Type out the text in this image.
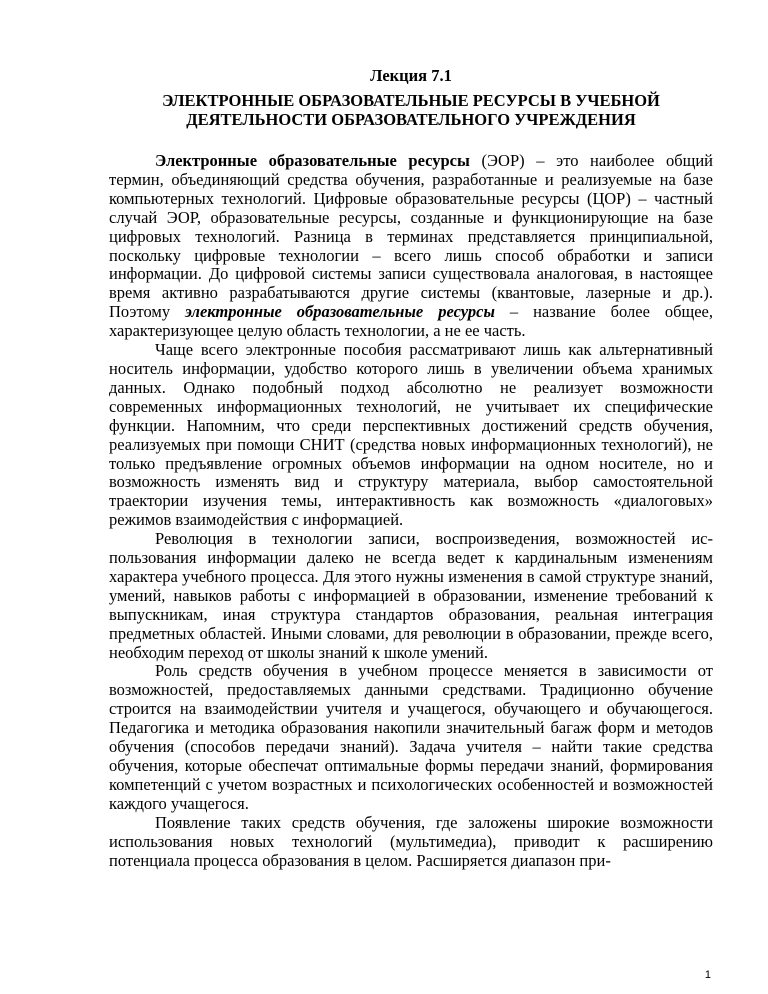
Лекция 7.1
ЭЛЕКТРОННЫЕ ОБРАЗОВАТЕЛЬНЫЕ РЕСУРСЫ В УЧЕБНОЙ
ДЕЯТЕЛЬНОСТИ ОБРАЗОВАТЕЛЬНОГО УЧРЕЖДЕНИЯ

Электронные образовательные ресурсы (ЭОР) – это наиболее общий термин, объединяющий средства обучения, разработанные и реализуемые на базе компьютерных технологий. Цифровые образовательные ресурсы (ЦОР) – частный случай ЭОР, образовательные ресурсы, созданные и функционирующие на базе цифровых технологий. Разница в терминах представляется принципиальной, поскольку цифровые технологии – всего лишь способ обработки и записи информации. До цифровой системы записи существовала аналоговая, в настоящее время активно разрабатываются другие системы (квантовые, лазерные и др.). Поэтому электронные образовательные ресурсы – название более общее, характеризующее целую область технологии, а не ее часть.

Чаще всего электронные пособия рассматривают лишь как альтернативный носитель информации, удобство которого лишь в увеличении объема хранимых данных. Однако подобный подход абсолютно не реализует возможности современных информационных технологий, не учитывает их специфические функции. Напомним, что среди перспективных достижений средств обучения, реализуемых при помощи СНИТ (средства новых информационных технологий), не только предъявление огромных объемов информации на одном носителе, но и возможность изменять вид и структуру материала, выбор самостоятельной траектории изучения темы, интерактивность как возможность «диалоговых» режимов взаимодействия с информацией.

Революция в технологии записи, воспроизведения, возможностей использования информации далеко не всегда ведет к кардинальным изменениям характера учебного процесса. Для этого нужны изменения в самой структуре знаний, умений, навыков работы с информацией в образовании, изменение требований к выпускникам, иная структура стандартов образования, реальная интеграция предметных областей. Иными словами, для революции в образовании, прежде всего, необходим переход от школы знаний к школе умений.

Роль средств обучения в учебном процессе меняется в зависимости от возможностей, предоставляемых данными средствами. Традиционно обучение строится на взаимодействии учителя и учащегося, обучающего и обучающегося. Педагогика и методика образования накопили значительный багаж форм и методов обучения (способов передачи знаний). Задача учителя – найти такие средства обучения, которые обеспечат оптимальные формы передачи знаний, формирования компетенций с учетом возрастных и психологических особенностей и возможностей каждого учащегося.

Появление таких средств обучения, где заложены широкие возможности использования новых технологий (мультимедиа), приводит к расширению потенциала процесса образования в целом. Расширяется диапазон при-

1
